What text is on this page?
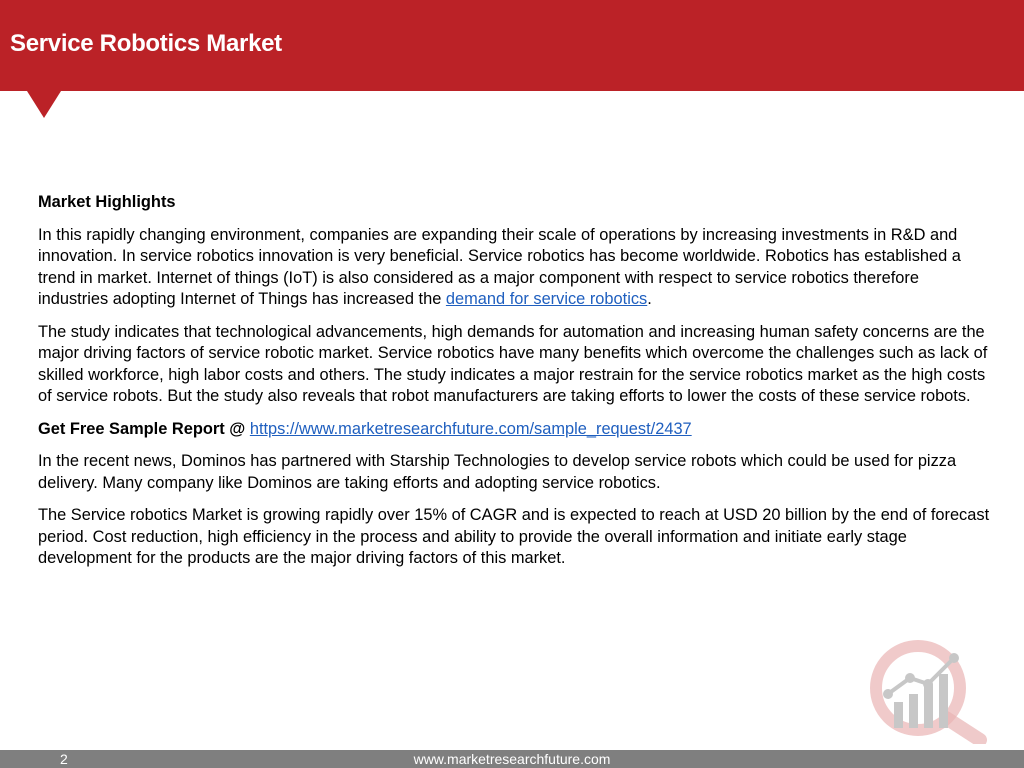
Service Robotics Market

Market Highlights

In this rapidly changing environment, companies are expanding their scale of operations by increasing investments in R&D and innovation. In service robotics innovation is very beneficial. Service robotics has become worldwide. Robotics has established a trend in market. Internet of things (IoT) is also considered as a major component with respect to service robotics therefore industries adopting Internet of Things has increased the demand for service robotics.

The study indicates that technological advancements, high demands for automation and increasing human safety concerns are the major driving factors of service robotic market. Service robotics have many benefits which overcome the challenges such as lack of skilled workforce, high labor costs and others. The study indicates a major restrain for the service robotics market as the high costs of service robots. But the study also reveals that robot manufacturers are taking efforts to lower the costs of these service robots.

Get Free Sample Report @ https://www.marketresearchfuture.com/sample_request/2437

In the recent news, Dominos has partnered with Starship Technologies to develop service robots which could be used for pizza delivery. Many company like Dominos are taking efforts and adopting service robotics.

The Service robotics Market is growing rapidly over 15% of CAGR and is expected to reach at USD 20 billion by the end of forecast period. Cost reduction, high efficiency in the process and ability to provide the overall information and initiate early stage development for the products are the major driving factors of this market.

www.marketresearchfuture.com
2
